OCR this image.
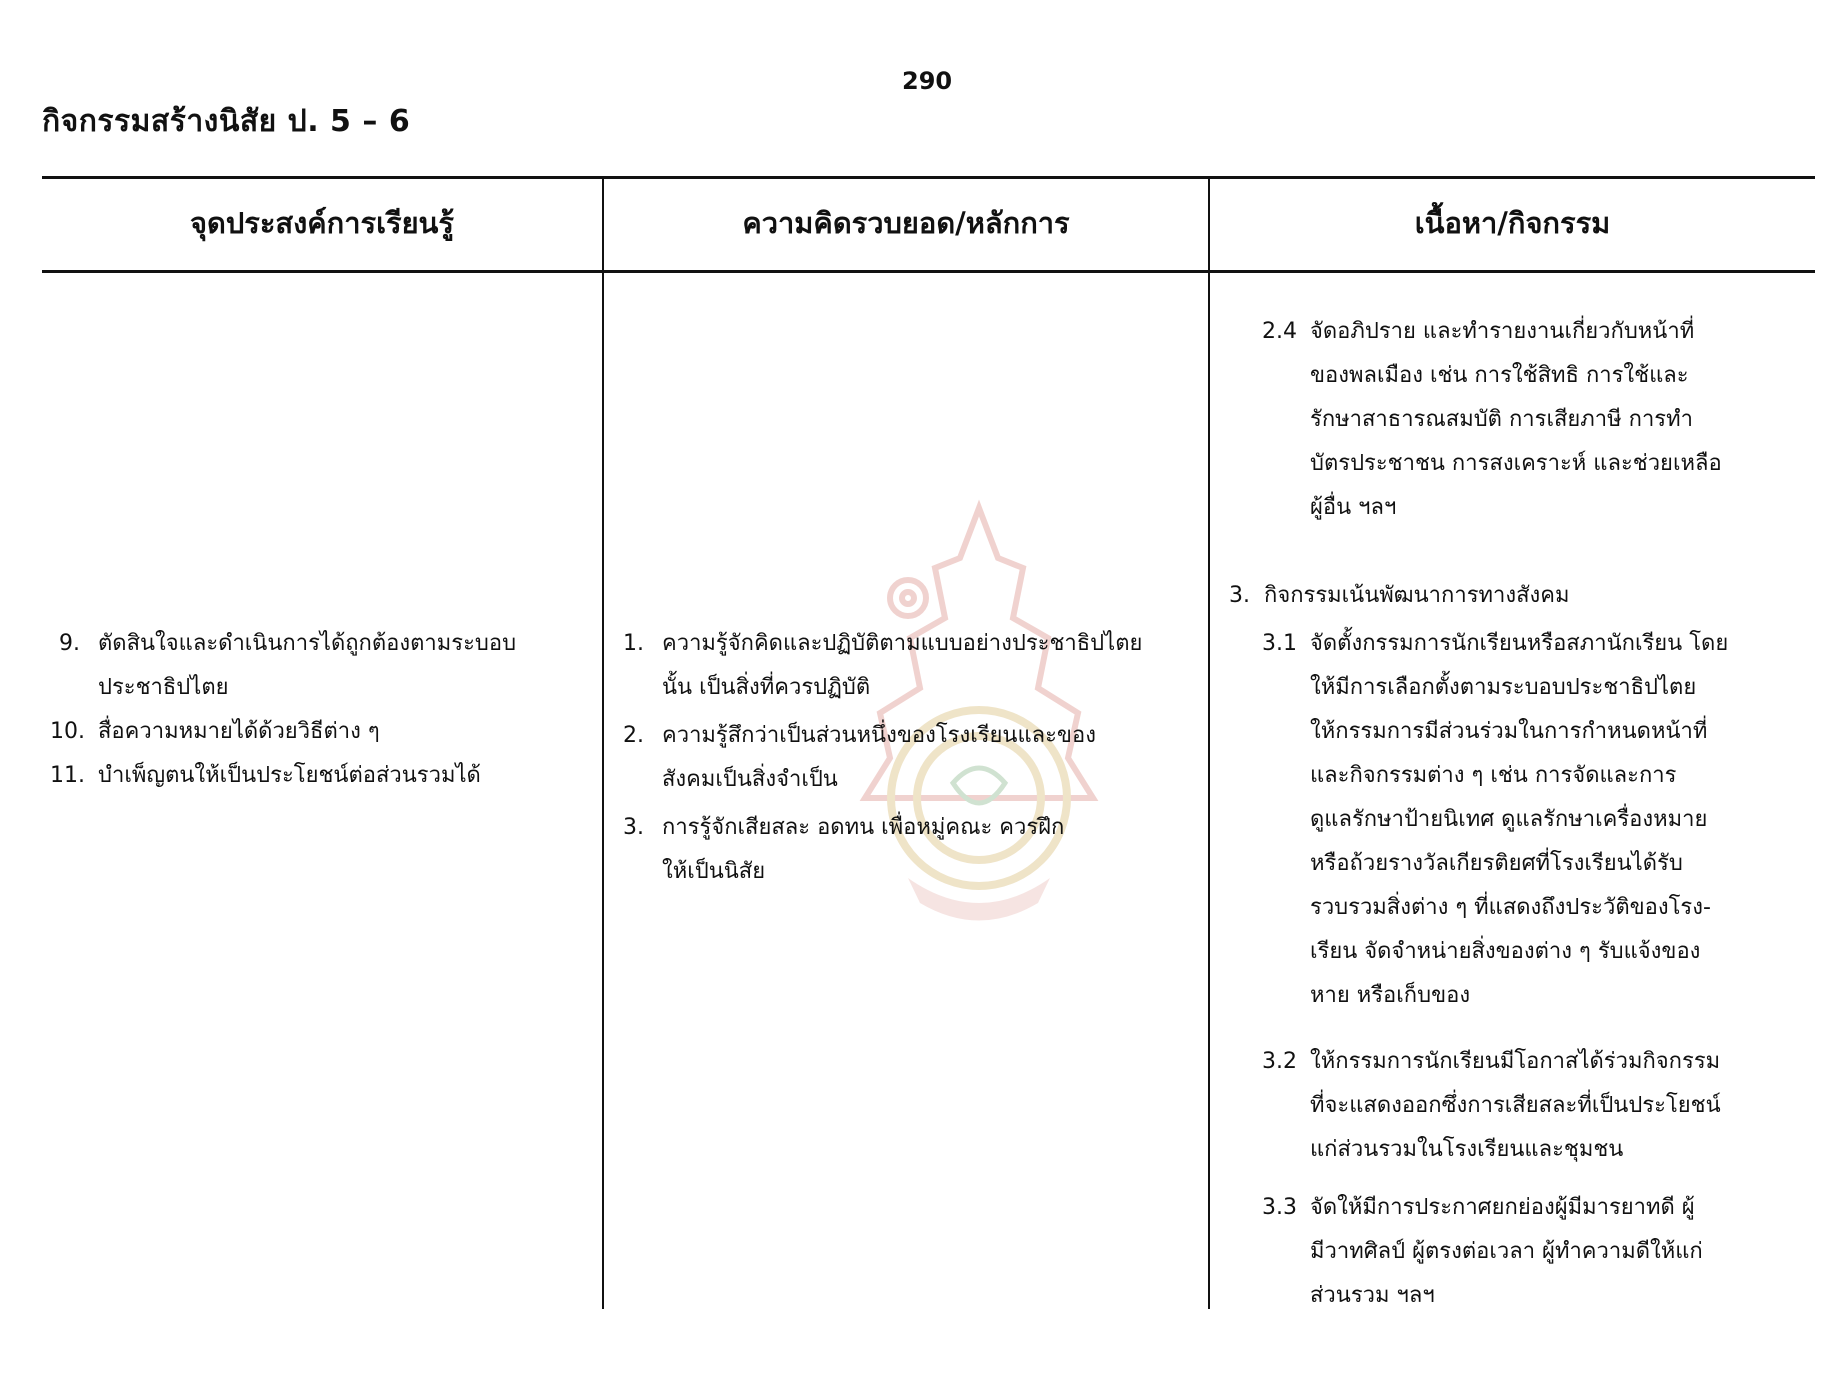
290
กิจกรรมสร้างนิสัย ป. 5 – 6
จุดประสงค์การเรียนรู้	ความคิดรวบยอด/หลักการ	เนื้อหา/กิจกรรม
9. ตัดสินใจและดำเนินการได้ถูกต้องตามระบอบ
ประชาธิปไตย
10. สื่อความหมายได้ด้วยวิธีต่าง ๆ
11. บำเพ็ญตนให้เป็นประโยชน์ต่อส่วนรวมได้
1. ความรู้จักคิดและปฏิบัติตามแบบอย่างประชาธิปไตย
นั้น เป็นสิ่งที่ควรปฏิบัติ
2. ความรู้สึกว่าเป็นส่วนหนึ่งของโรงเรียนและของ
สังคมเป็นสิ่งจำเป็น
3. การรู้จักเสียสละ อดทน เพื่อหมู่คณะ ควรฝึก
ให้เป็นนิสัย
2.4 จัดอภิปราย และทำรายงานเกี่ยวกับหน้าที่
ของพลเมือง เช่น การใช้สิทธิ การใช้และ
รักษาสาธารณสมบัติ การเสียภาษี การทำ
บัตรประชาชน การสงเคราะห์ และช่วยเหลือ
ผู้อื่น ฯลฯ
3. กิจกรรมเน้นพัฒนาการทางสังคม
3.1 จัดตั้งกรรมการนักเรียนหรือสภานักเรียน โดย
ให้มีการเลือกตั้งตามระบอบประชาธิปไตย
ให้กรรมการมีส่วนร่วมในการกำหนดหน้าที่
และกิจกรรมต่าง ๆ เช่น การจัดและการ
ดูแลรักษาป้ายนิเทศ ดูแลรักษาเครื่องหมาย
หรือถ้วยรางวัลเกียรติยศที่โรงเรียนได้รับ
รวบรวมสิ่งต่าง ๆ ที่แสดงถึงประวัติของโรง-
เรียน จัดจำหน่ายสิ่งของต่าง ๆ รับแจ้งของ
หาย หรือเก็บของ
3.2 ให้กรรมการนักเรียนมีโอกาสได้ร่วมกิจกรรม
ที่จะแสดงออกซึ่งการเสียสละที่เป็นประโยชน์
แก่ส่วนรวมในโรงเรียนและชุมชน
3.3 จัดให้มีการประกาศยกย่องผู้มีมารยาทดี ผู้
มีวาทศิลป์ ผู้ตรงต่อเวลา ผู้ทำความดีให้แก่
ส่วนรวม ฯลฯ
